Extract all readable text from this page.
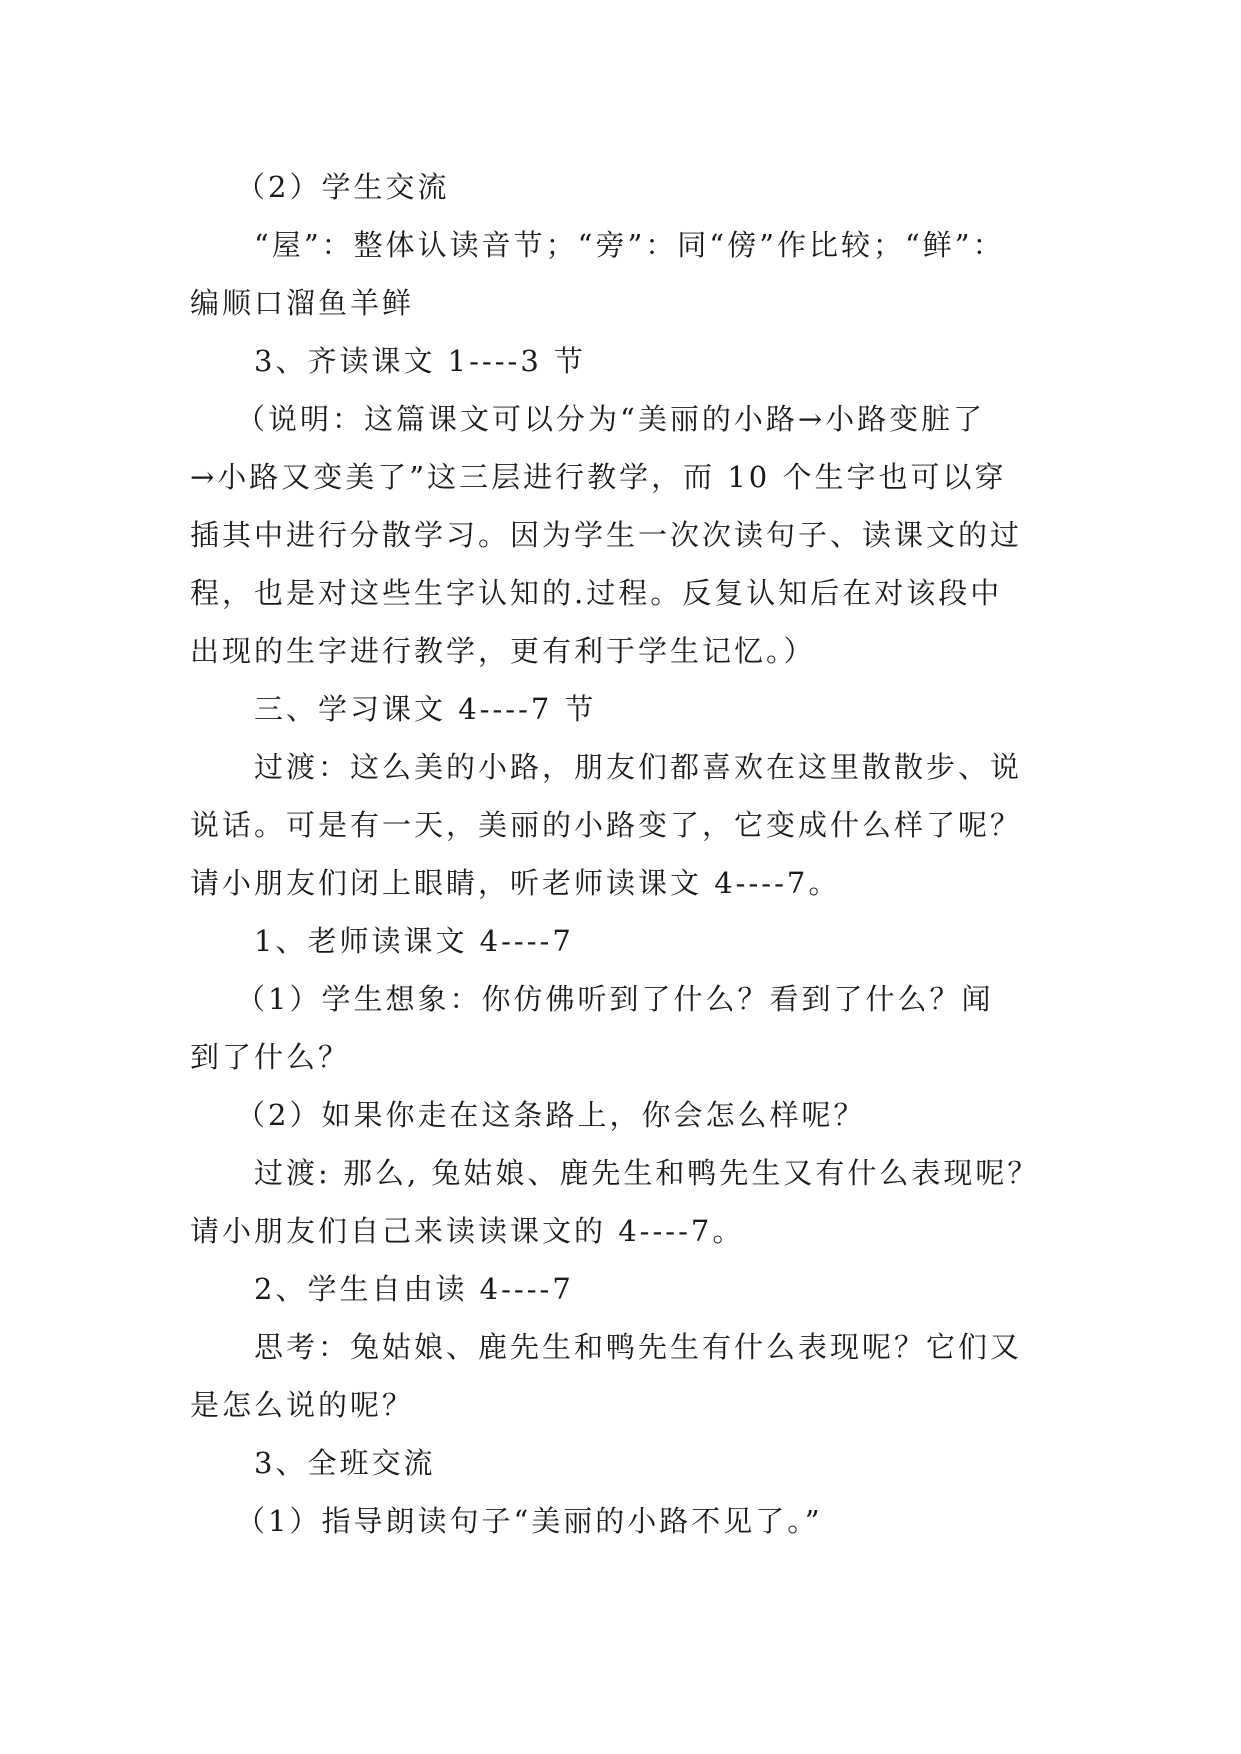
（2）学生交流

“屋”：整体认读音节；“旁”：同“傍”作比较；“鲜”：

编顺口溜鱼羊鲜

3、齐读课文 1----3 节

（说明：这篇课文可以分为“美丽的小路→小路变脏了

→小路又变美了”这三层进行教学，而 10 个生字也可以穿

插其中进行分散学习。因为学生一次次读句子、读课文的过

程，也是对这些生字认知的.过程。反复认知后在对该段中

出现的生字进行教学，更有利于学生记忆。）

三、学习课文 4----7 节

过渡：这么美的小路，朋友们都喜欢在这里散散步、说

说话。可是有一天，美丽的小路变了，它变成什么样了呢？

请小朋友们闭上眼睛，听老师读课文 4----7。

1、老师读课文 4----7

（1）学生想象：你仿佛听到了什么？看到了什么？闻

到了什么？

（2）如果你走在这条路上，你会怎么样呢？

过渡: 那么, 兔姑娘、鹿先生和鸭先生又有什么表现呢？

请小朋友们自己来读读课文的 4----7。

2、学生自由读 4----7

思考：兔姑娘、鹿先生和鸭先生有什么表现呢？它们又

是怎么说的呢？

3、全班交流

（1）指导朗读句子“美丽的小路不见了。”
